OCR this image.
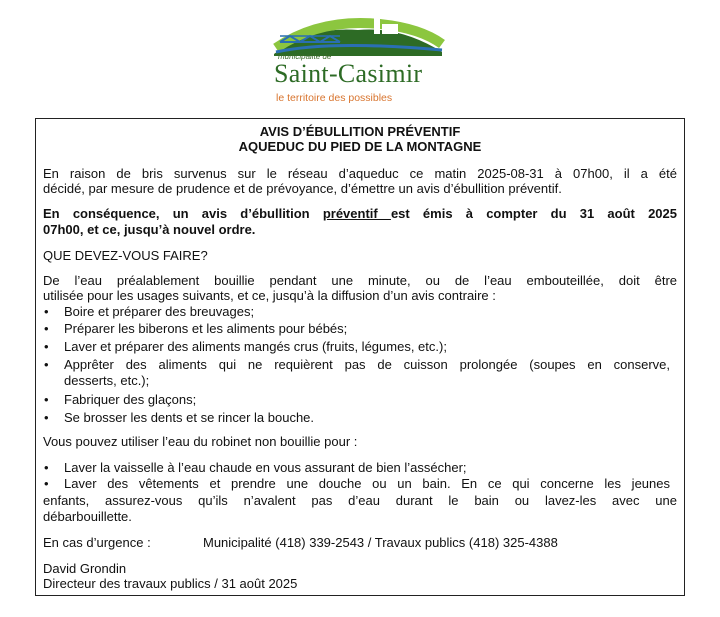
municipalité de
Saint-Casimir
le territoire des possibles
AVIS D’ÉBULLITION PRÉVENTIF
AQUEDUC DU PIED DE LA MONTAGNE
En raison de bris survenus sur le réseau d’aqueduc ce matin 2025-08-31 à 07h00, il a été
décidé, par mesure de prudence et de prévoyance, d’émettre un avis d’ébullition préventif.
En conséquence, un avis d’ébullition préventif est émis à compter du 31 août 2025
07h00, et ce, jusqu’à nouvel ordre.
QUE DEVEZ-VOUS FAIRE?
De l’eau préalablement bouillie pendant une minute, ou de l’eau embouteillée, doit être
utilisée pour les usages suivants, et ce, jusqu’à la diffusion d’un avis contraire :
• Boire et préparer des breuvages;
• Préparer les biberons et les aliments pour bébés;
• Laver et préparer des aliments mangés crus (fruits, légumes, etc.);
• Apprêter des aliments qui ne requièrent pas de cuisson prolongée (soupes en conserve,
desserts, etc.);
• Fabriquer des glaçons;
• Se brosser les dents et se rincer la bouche.
Vous pouvez utiliser l’eau du robinet non bouillie pour :
• Laver la vaisselle à l’eau chaude en vous assurant de bien l’assécher;
• Laver des vêtements et prendre une douche ou un bain. En ce qui concerne les jeunes
enfants, assurez-vous qu’ils n’avalent pas d’eau durant le bain ou lavez-les avec une
débarbouillette.
En cas d’urgence :	Municipalité (418) 339-2543 / Travaux publics (418) 325-4388
David Grondin
Directeur des travaux publics / 31 août 2025
